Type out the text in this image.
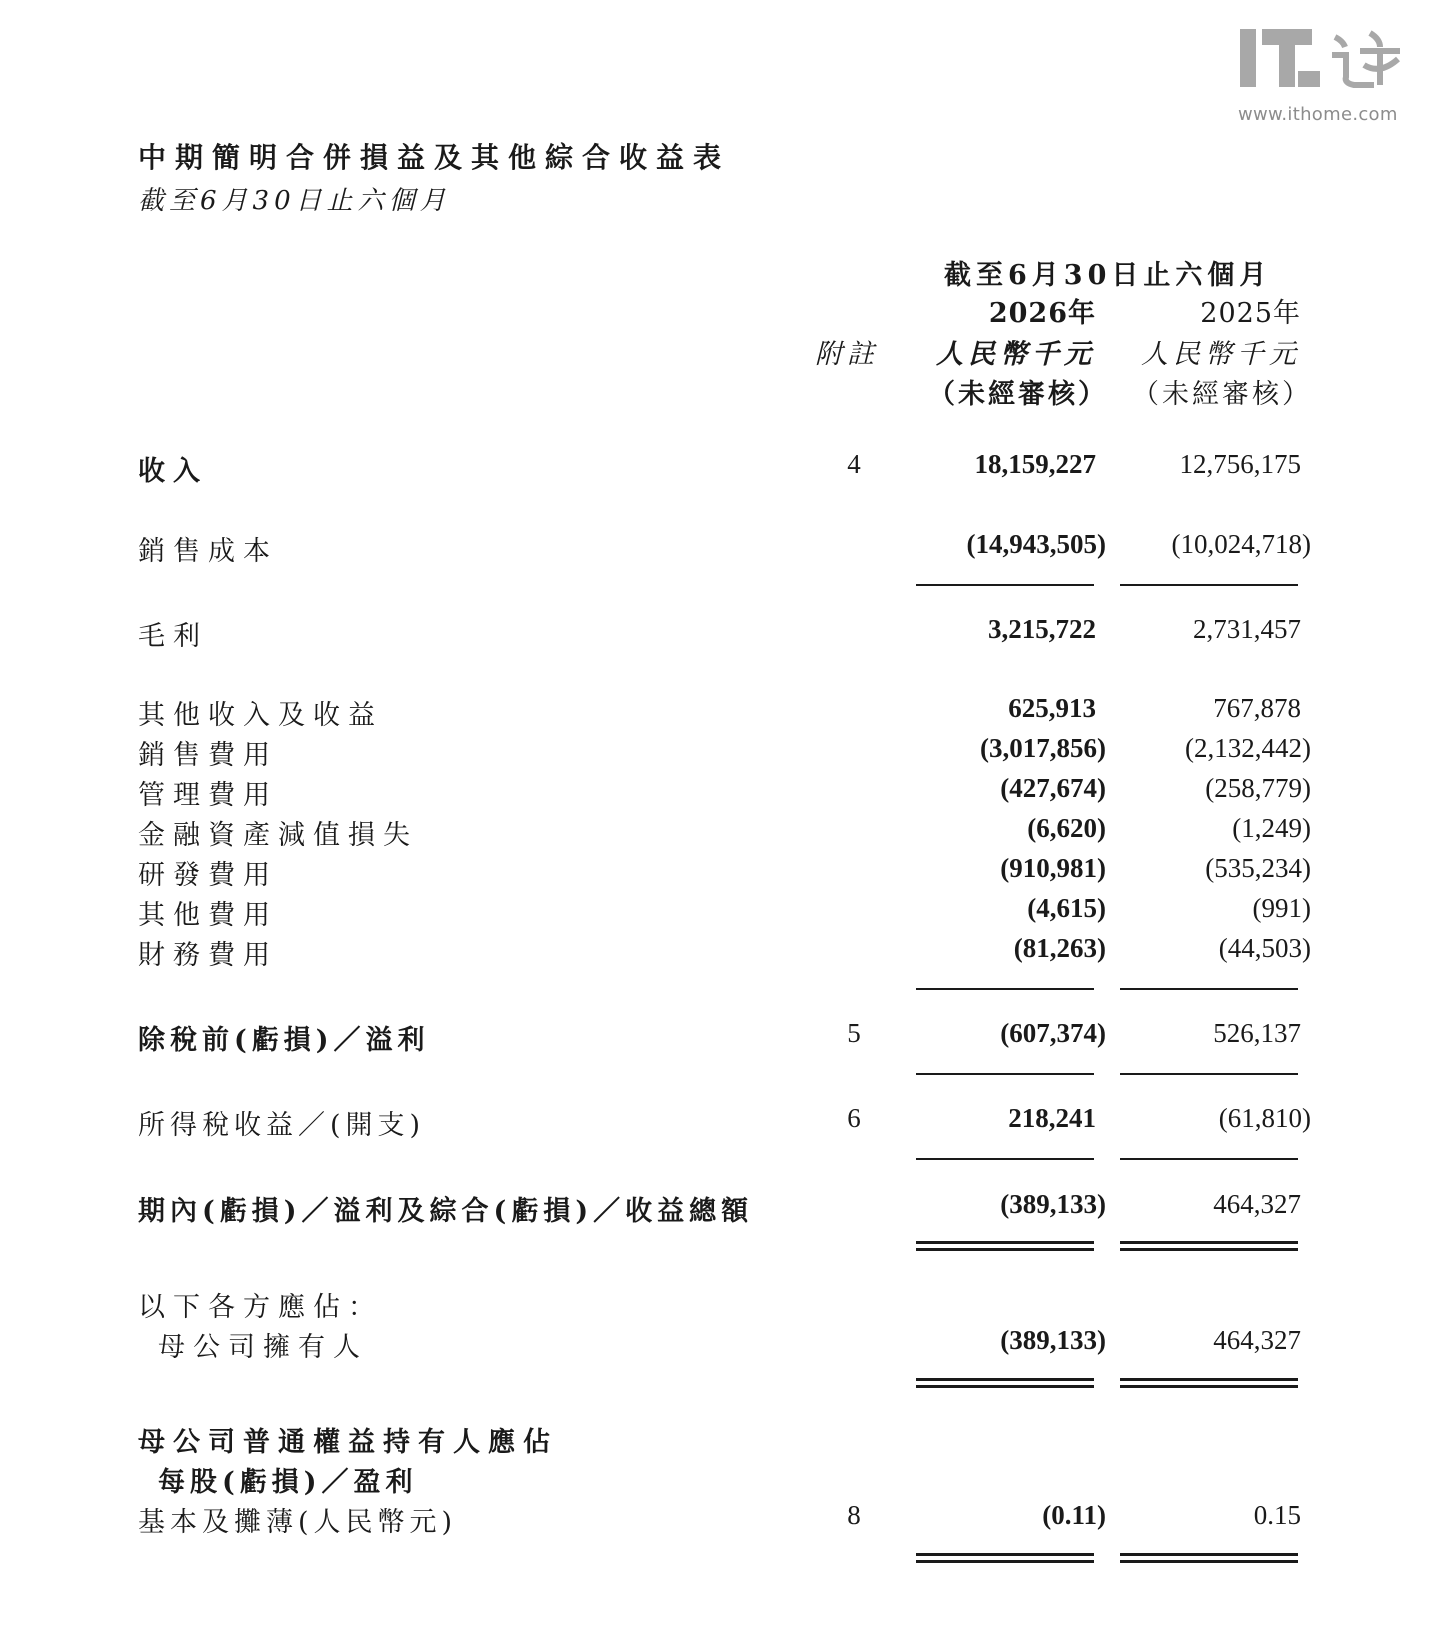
www.ithome.com
中期簡明合併損益及其他綜合收益表
截至6月30日止六個月
截至6月30日止六個月
2026年	2025年
附註 人民幣千元 人民幣千元
（未經審核） （未經審核）
收入	4	18,159,227	12,756,175
銷售成本	(14,943,505) (10,024,718)
毛利	3,215,722	2,731,457
其他收入及收益	625,913	767,878
銷售費用	(3,017,856)	(2,132,442)
管理費用	(427,674)	(258,779)
金融資產減值損失	(6,620)	(1,249)
研發費用	(910,981)	(535,234)
其他費用	(4,615)	(991)
財務費用	(81,263)	(44,503)
除稅前(虧損)／溢利	5	(607,374)	526,137
所得稅收益／(開支)	6	218,241	(61,810)
期內(虧損)／溢利及綜合(虧損)／收益總額	(389,133)	464,327
以下各方應佔：
母公司擁有人	(389,133)	464,327
母公司普通權益持有人應佔
每股(虧損)／盈利
基本及攤薄(人民幣元)	8	(0.11)	0.15
